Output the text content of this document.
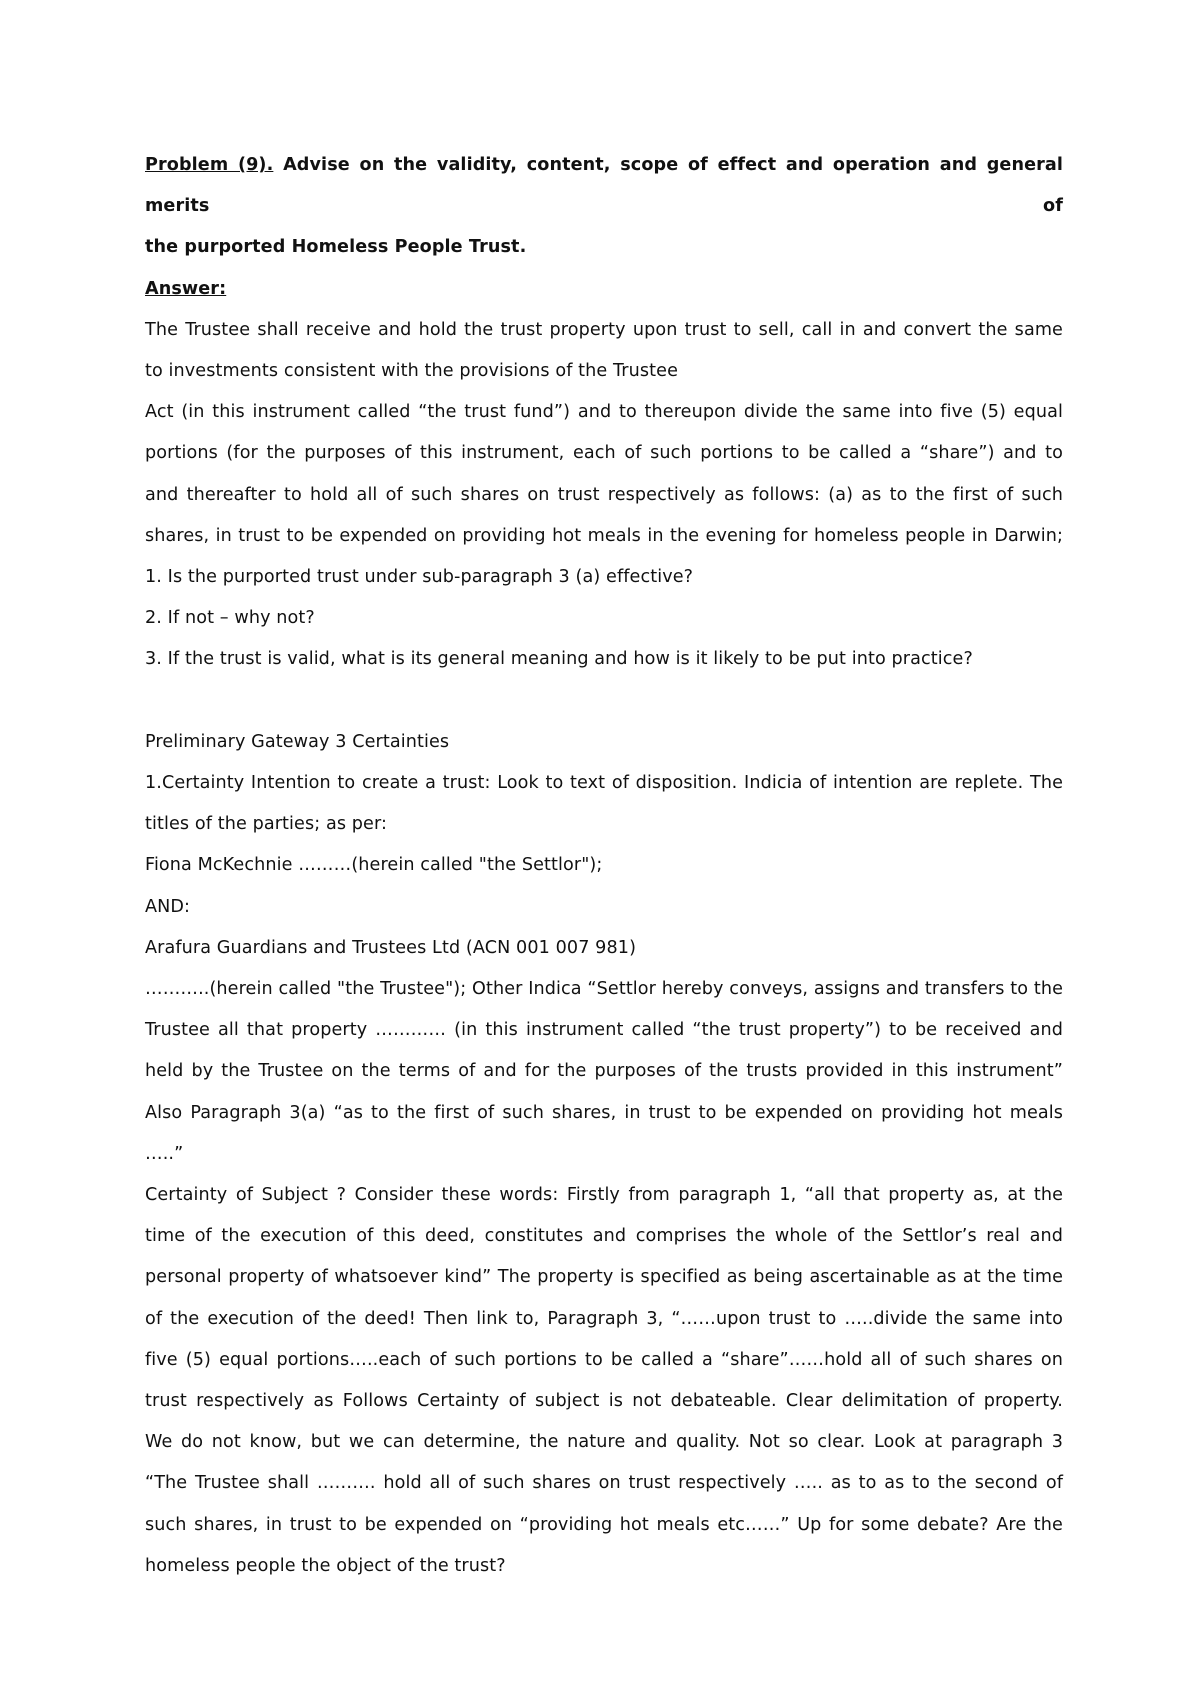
Problem (9). Advise on the validity, content, scope of effect and operation and general merits of

the purported Homeless People Trust.

Answer:

The Trustee shall receive and hold the trust property upon trust to sell, call in and convert the same

to investments consistent with the provisions of the Trustee

Act (in this instrument called “the trust fund”) and to thereupon divide the same into five (5) equal

portions (for the purposes of this instrument, each of such portions to be called a “share”) and to

and thereafter to hold all of such shares on trust respectively as follows: (a) as to the first of such

shares, in trust to be expended on providing hot meals in the evening for homeless people in Darwin;

1. Is the purported trust under sub-paragraph 3 (a) effective?

2. If not – why not?

3. If the trust is valid, what is its general meaning and how is it likely to be put into practice?

Preliminary Gateway 3 Certainties

1.Certainty Intention to create a trust: Look to text of disposition. Indicia of intention are replete. The

titles of the parties; as per:

Fiona McKechnie ………(herein called "the Settlor");

AND:

Arafura Guardians and Trustees Ltd (ACN 001 007 981)

………..(herein called "the Trustee"); Other Indica “Settlor hereby conveys, assigns and transfers to the

Trustee all that property ………… (in this instrument called “the trust property”) to be received and

held by the Trustee on the terms of and for the purposes of the trusts provided in this instrument”

Also Paragraph 3(a) “as to the first of such shares, in trust to be expended on providing hot meals

…..”

Certainty of Subject ? Consider these words: Firstly from paragraph 1, “all that property as, at the

time of the execution of this deed, constitutes and comprises the whole of the Settlor’s real and

personal property of whatsoever kind” The property is specified as being ascertainable as at the time

of the execution of the deed! Then link to, Paragraph 3, “……upon trust to …..divide the same into

five (5) equal portions…..each of such portions to be called a “share”……hold all of such shares on

trust respectively as Follows Certainty of subject is not debateable. Clear delimitation of property.

We do not know, but we can determine, the nature and quality. Not so clear. Look at paragraph 3

“The Trustee shall ………. hold all of such shares on trust respectively ….. as to as to the second of

such shares, in trust to be expended on “providing hot meals etc……” Up for some debate? Are the

homeless people the object of the trust?
